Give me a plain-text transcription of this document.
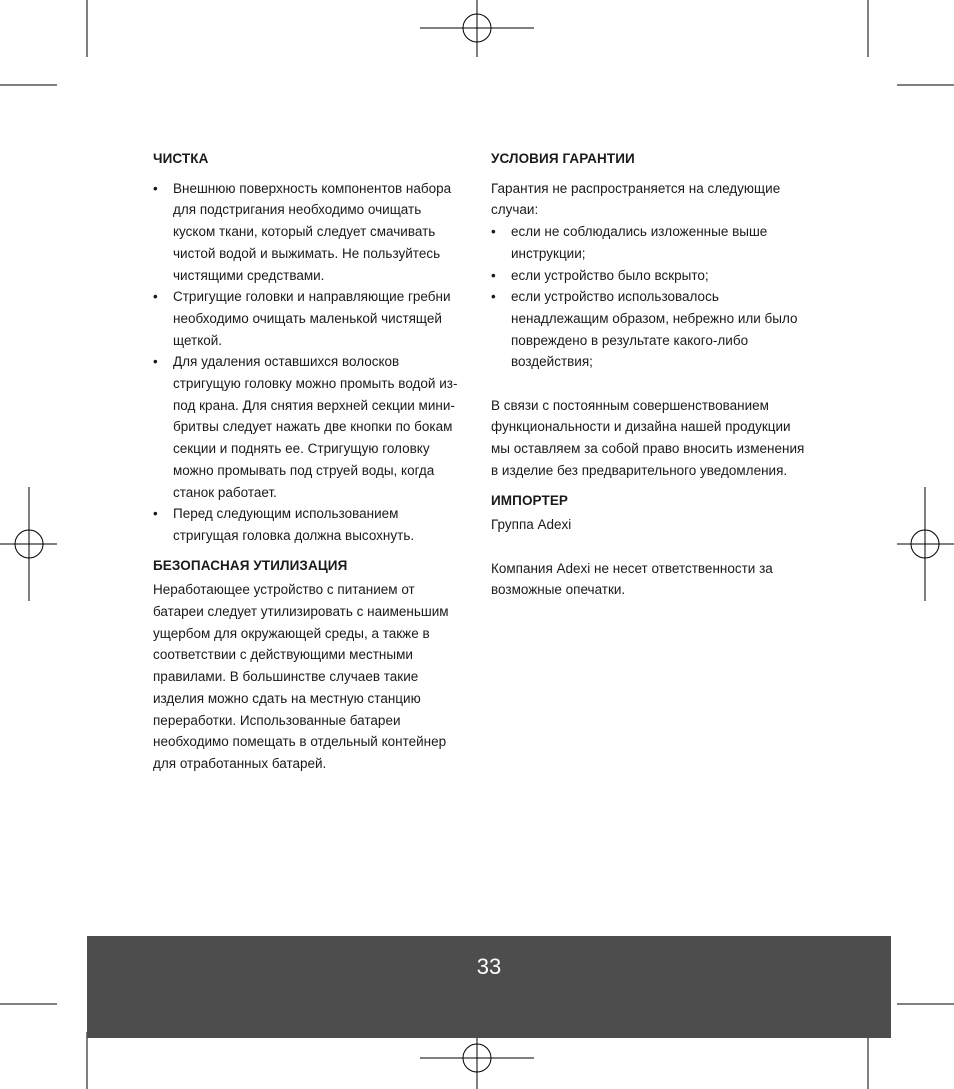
33
ЧИСТКА
• Внешнюю поверхность компонентов набора для подстригания необходимо очищать куском ткани, который следует смачивать чистой водой и выжимать. Не пользуйтесь чистящими средствами.
• Стригущие головки и направляющие гребни необходимо очищать маленькой чистящей щеткой.
• Для удаления оставшихся волосков стригущую головку можно промыть водой из-под крана. Для снятия верхней секции мини-бритвы следует нажать две кнопки по бокам секции и поднять ее. Стригущую головку можно промывать под струей воды, когда станок работает.
• Перед следующим использованием стригущая головка должна высохнуть.
БЕЗОПАСНАЯ УТИЛИЗАЦИЯ

Неработающее устройство с питанием от батареи следует утилизировать с наименьшим ущербом для окружающей среды, а также в соответствии с действующими местными правилами. В большинстве случаев такие изделия можно сдать на местную станцию переработки. Использованные батареи необходимо помещать в отдельный контейнер для отработанных батарей.

УСЛОВИЯ ГАРАНТИИ

Гарантия не распространяется на следующие случаи:

• если не соблюдались изложенные выше инструкции;
• если устройство было вскрыто;
• если устройство использовалось ненадлежащим образом, небрежно или было повреждено в результате какого-либо воздействия;

В связи с постоянным совершенствованием функциональности и дизайна нашей продукции мы оставляем за собой право вносить изменения в изделие без предварительного уведомления.

ИМПОРТЕР

Группа Adexi

Компания Adexi не несет ответственности за возможные опечатки.
